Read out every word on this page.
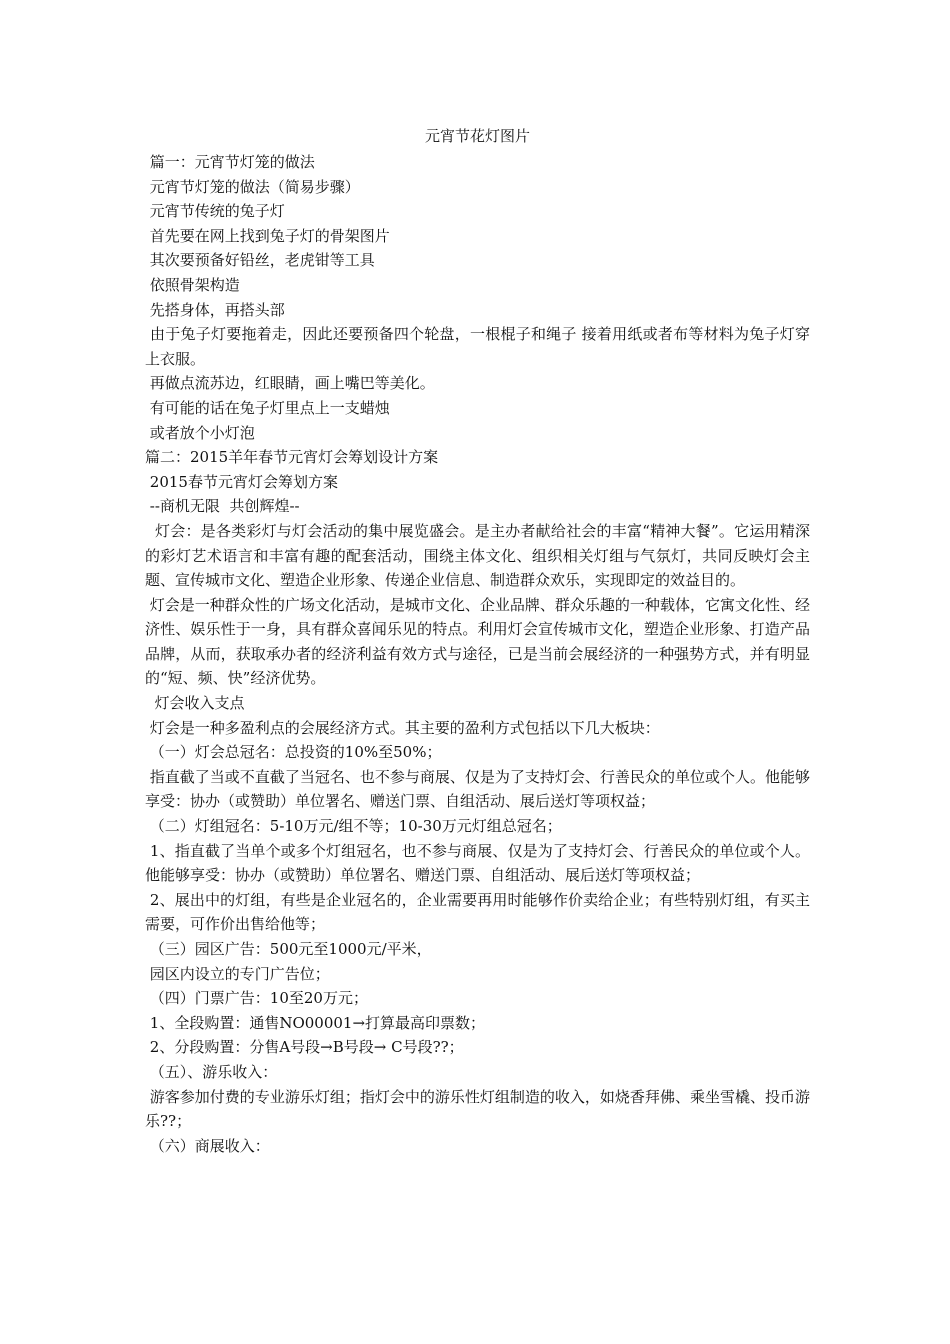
元宵节花灯图片

篇一：元宵节灯笼的做法

元宵节灯笼的做法（简易步骤）

元宵节传统的兔子灯

首先要在网上找到兔子灯的骨架图片

其次要预备好铅丝，老虎钳等工具

依照骨架构造

先搭身体，再搭头部

由于兔子灯要拖着走，因此还要预备四个轮盘，一根棍子和绳子 接着用纸或者布等材料为兔子灯穿上衣服。

再做点流苏边，红眼睛，画上嘴巴等美化。

有可能的话在兔子灯里点上一支蜡烛

或者放个小灯泡

篇二：2015羊年春节元宵灯会筹划设计方案

2015春节元宵灯会筹划方案

--商机无限  共创辉煌--

灯会：是各类彩灯与灯会活动的集中展览盛会。是主办者献给社会的丰富“精神大餐”。它运用精深的彩灯艺术语言和丰富有趣的配套活动，围绕主体文化、组织相关灯组与气氛灯，共同反映灯会主题、宣传城市文化、塑造企业形象、传递企业信息、制造群众欢乐，实现即定的效益目的。

灯会是一种群众性的广场文化活动，是城市文化、企业品牌、群众乐趣的一种载体，它寓文化性、经济性、娱乐性于一身，具有群众喜闻乐见的特点。利用灯会宣传城市文化，塑造企业形象、打造产品品牌，从而，获取承办者的经济利益有效方式与途径，已是当前会展经济的一种强势方式，并有明显的“短、频、快”经济优势。

灯会收入支点

灯会是一种多盈利点的会展经济方式。其主要的盈利方式包括以下几大板块：

（一）灯会总冠名：总投资的10%至50%；

指直截了当或不直截了当冠名、也不参与商展、仅是为了支持灯会、行善民众的单位或个人。他能够享受：协办（或赞助）单位署名、赠送门票、自组活动、展后送灯等项权益；

（二）灯组冠名：5-10万元/组不等；10-30万元灯组总冠名；

1、指直截了当单个或多个灯组冠名，也不参与商展、仅是为了支持灯会、行善民众的单位或个人。他能够享受：协办（或赞助）单位署名、赠送门票、自组活动、展后送灯等项权益；

2、展出中的灯组，有些是企业冠名的，企业需要再用时能够作价卖给企业；有些特别灯组，有买主需要，可作价出售给他等；

（三）园区广告：500元至1000元/平米，

园区内设立的专门广告位；

（四）门票广告：10至20万元；

1、全段购置：通售NO00001→打算最高印票数；

2、分段购置：分售A号段→B号段→ C号段??；

（五）、游乐收入：

游客参加付费的专业游乐灯组；指灯会中的游乐性灯组制造的收入，如烧香拜佛、乘坐雪橇、投币游乐??；

（六）商展收入：
